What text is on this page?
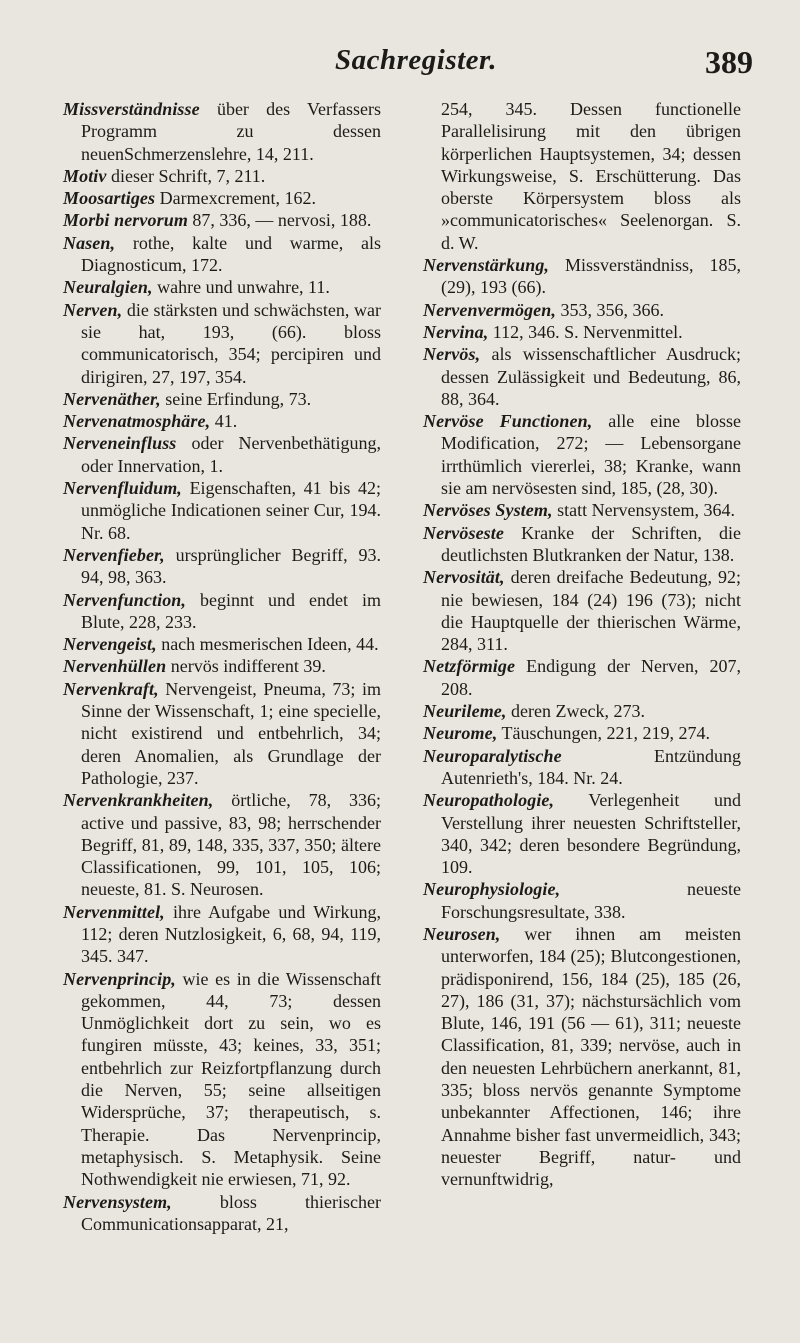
Sachregister.	389

Missverständnisse über des Verfassers Programm zu dessen neuenSchmerzenslehre, 14, 211.

Motiv dieser Schrift, 7, 211.

Moosartiges Darmexcrement, 162.

Morbi nervorum 87, 336, — nervosi, 188.

Nasen, rothe, kalte und warme, als Diagnosticum, 172.

Neuralgien, wahre und unwahre, 11.

Nerven, die stärksten und schwächsten, war sie hat, 193, (66). bloss communicatorisch, 354; percipiren und dirigiren, 27, 197, 354.

Nervenäther, seine Erfindung, 73.

Nervenatmosphäre, 41.

Nerveneinfluss oder Nervenbethätigung, oder Innervation, 1.

Nervenfluidum, Eigenschaften, 41 bis 42; unmögliche Indicationen seiner Cur, 194. Nr. 68.

Nervenfieber, ursprünglicher Begriff, 93. 94, 98, 363.

Nervenfunction, beginnt und endet im Blute, 228, 233.

Nervengeist, nach mesmerischen Ideen, 44.

Nervenhüllen nervös indifferent 39.

Nervenkraft, Nervengeist, Pneuma, 73; im Sinne der Wissenschaft, 1; eine specielle, nicht existirend und entbehrlich, 34; deren Anomalien, als Grundlage der Pathologie, 237.

Nervenkrankheiten, örtliche, 78, 336; active und passive, 83, 98; herrschender Begriff, 81, 89, 148, 335, 337, 350; ältere Classificationen, 99, 101, 105, 106; neueste, 81. S. Neurosen.

Nervenmittel, ihre Aufgabe und Wirkung, 112; deren Nutzlosigkeit, 6, 68, 94, 119, 345. 347.

Nervenprincip, wie es in die Wissenschaft gekommen, 44, 73; dessen Unmöglichkeit dort zu sein, wo es fungiren müsste, 43; keines, 33, 351; entbehrlich zur Reizfortpflanzung durch die Nerven, 55; seine allseitigen Widersprüche, 37; therapeutisch, s. Therapie. Das Nervenprincip, metaphysisch. S. Metaphysik. Seine Nothwendigkeit nie erwiesen, 71, 92.

Nervensystem, bloss thierischer Communicationsapparat, 21,

254, 345. Dessen functionelle Parallelisirung mit den übrigen körperlichen Hauptsystemen, 34; dessen Wirkungsweise, S. Erschütterung. Das oberste Körpersystem bloss als »communicatorisches« Seelenorgan. S. d. W.

Nervenstärkung, Missverständniss, 185, (29), 193 (66).

Nervenvermögen, 353, 356, 366.

Nervina, 112, 346. S. Nervenmittel.

Nervös, als wissenschaftlicher Ausdruck; dessen Zulässigkeit und Bedeutung, 86, 88, 364.

Nervöse Functionen, alle eine blosse Modification, 272; — Lebensorgane irrthümlich viererlei, 38; Kranke, wann sie am nervösesten sind, 185, (28, 30).

Nervöses System, statt Nervensystem, 364.

Nervöseste Kranke der Schriften, die deutlichsten Blutkranken der Natur, 138.

Nervosität, deren dreifache Bedeutung, 92; nie bewiesen, 184 (24) 196 (73); nicht die Hauptquelle der thierischen Wärme, 284, 311.

Netzförmige Endigung der Nerven, 207, 208.

Neurileme, deren Zweck, 273.

Neurome, Täuschungen, 221, 219, 274.

Neuroparalytische Entzündung Autenrieth's, 184. Nr. 24.

Neuropathologie, Verlegenheit und Verstellung ihrer neuesten Schriftsteller, 340, 342; deren besondere Begründung, 109.

Neurophysiologie, neueste Forschungsresultate, 338.

Neurosen, wer ihnen am meisten unterworfen, 184 (25); Blutcongestionen, prädisponirend, 156, 184 (25), 185 (26, 27), 186 (31, 37); nächstursächlich vom Blute, 146, 191 (56 — 61), 311; neueste Classification, 81, 339; nervöse, auch in den neuesten Lehrbüchern anerkannt, 81, 335; bloss nervös genannte Symptome unbekannter Affectionen, 146; ihre Annahme bisher fast unvermeidlich, 343; neuester Begriff, natur- und vernunftwidrig,
